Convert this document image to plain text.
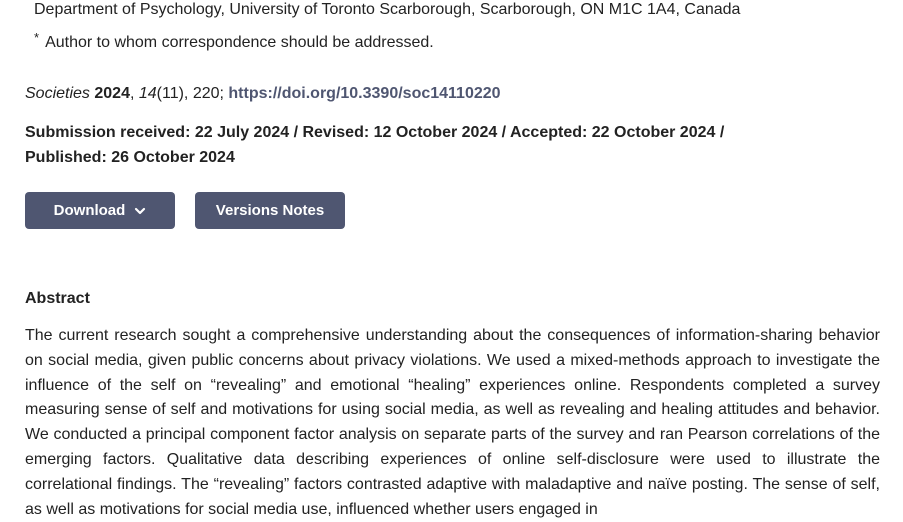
Department of Psychology, University of Toronto Scarborough, Scarborough, ON M1C 1A4, Canada
* Author to whom correspondence should be addressed.
Societies 2024, 14(11), 220; https://doi.org/10.3390/soc14110220
Submission received: 22 July 2024 / Revised: 12 October 2024 / Accepted: 22 October 2024 / Published: 26 October 2024
Download	Versions Notes
Abstract

The current research sought a comprehensive understanding about the consequences of information-sharing behavior on social media, given public concerns about privacy violations. We used a mixed-methods approach to investigate the influence of the self on “revealing” and emotional “healing” experiences online. Respondents completed a survey measuring sense of self and motivations for using social media, as well as revealing and healing attitudes and behavior. We conducted a principal component factor analysis on separate parts of the survey and ran Pearson correlations of the emerging factors. Qualitative data describing experiences of online self-disclosure were used to illustrate the correlational findings. The “revealing” factors contrasted adaptive with maladaptive and naïve posting. The sense of self, as well as motivations for social media use, influenced whether users engaged in
